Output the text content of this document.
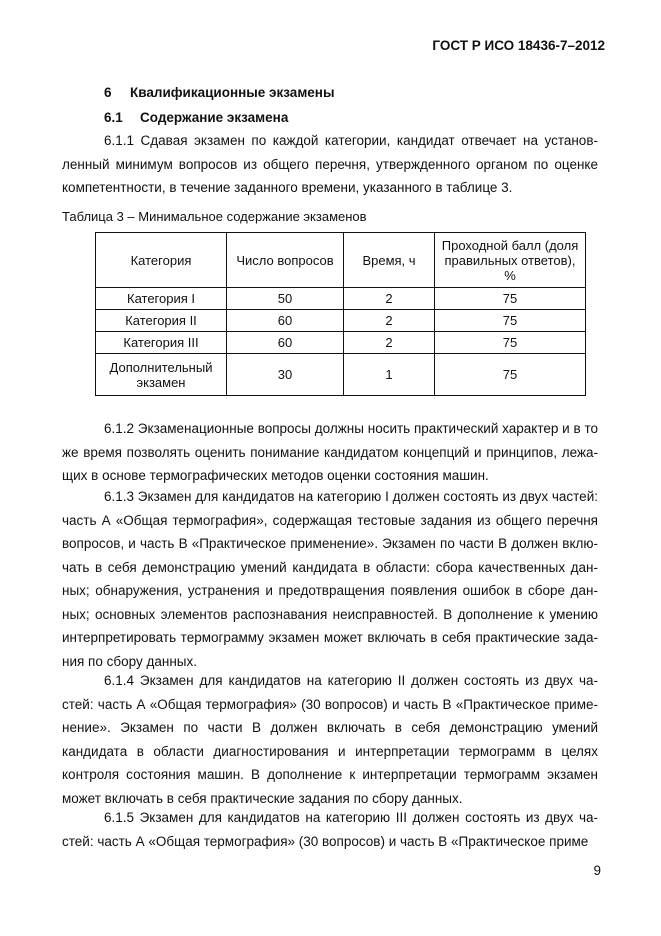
ГОСТ Р ИСО 18436-7–2012
6 Квалификационные экзамены
6.1 Содержание экзамена

6.1.1 Сдавая экзамен по каждой категории, кандидат отвечает на установленный минимум вопросов из общего перечня, утвержденного органом по оценке компетентности, в течение заданного времени, указанного в таблице 3.

Таблица 3 – Минимальное содержание экзаменов
Категория	Число вопросов	Время, ч	Проходной балл (доля правильных ответов), %
Категория I	50	2	75
Категория II	60	2	75
Категория III	60	2	75
Дополнительный экзамен	30	1	75

6.1.2 Экзаменационные вопросы должны носить практический характер и в то же время позволять оценить понимание кандидатом концепций и принципов, лежащих в основе термографических методов оценки состояния машин.

6.1.3 Экзамен для кандидатов на категорию I должен состоять из двух частей: часть А «Общая термография», содержащая тестовые задания из общего перечня вопросов, и часть В «Практическое применение». Экзамен по части В должен включать в себя демонстрацию умений кандидата в области: сбора качественных данных; обнаружения, устранения и предотвращения появления ошибок в сборе данных; основных элементов распознавания неисправностей. В дополнение к умению интерпретировать термограмму экзамен может включать в себя практические задания по сбору данных.

6.1.4 Экзамен для кандидатов на категорию II должен состоять из двух частей: часть А «Общая термография» (30 вопросов) и часть В «Практическое применение». Экзамен по части В должен включать в себя демонстрацию умений кандидата в области диагностирования и интерпретации термограмм в целях контроля состояния машин. В дополнение к интерпретации термограмм экзамен может включать в себя практические задания по сбору данных.

6.1.5 Экзамен для кандидатов на категорию III должен состоять из двух частей: часть А «Общая термография» (30 вопросов) и часть В «Практическое приме

9
